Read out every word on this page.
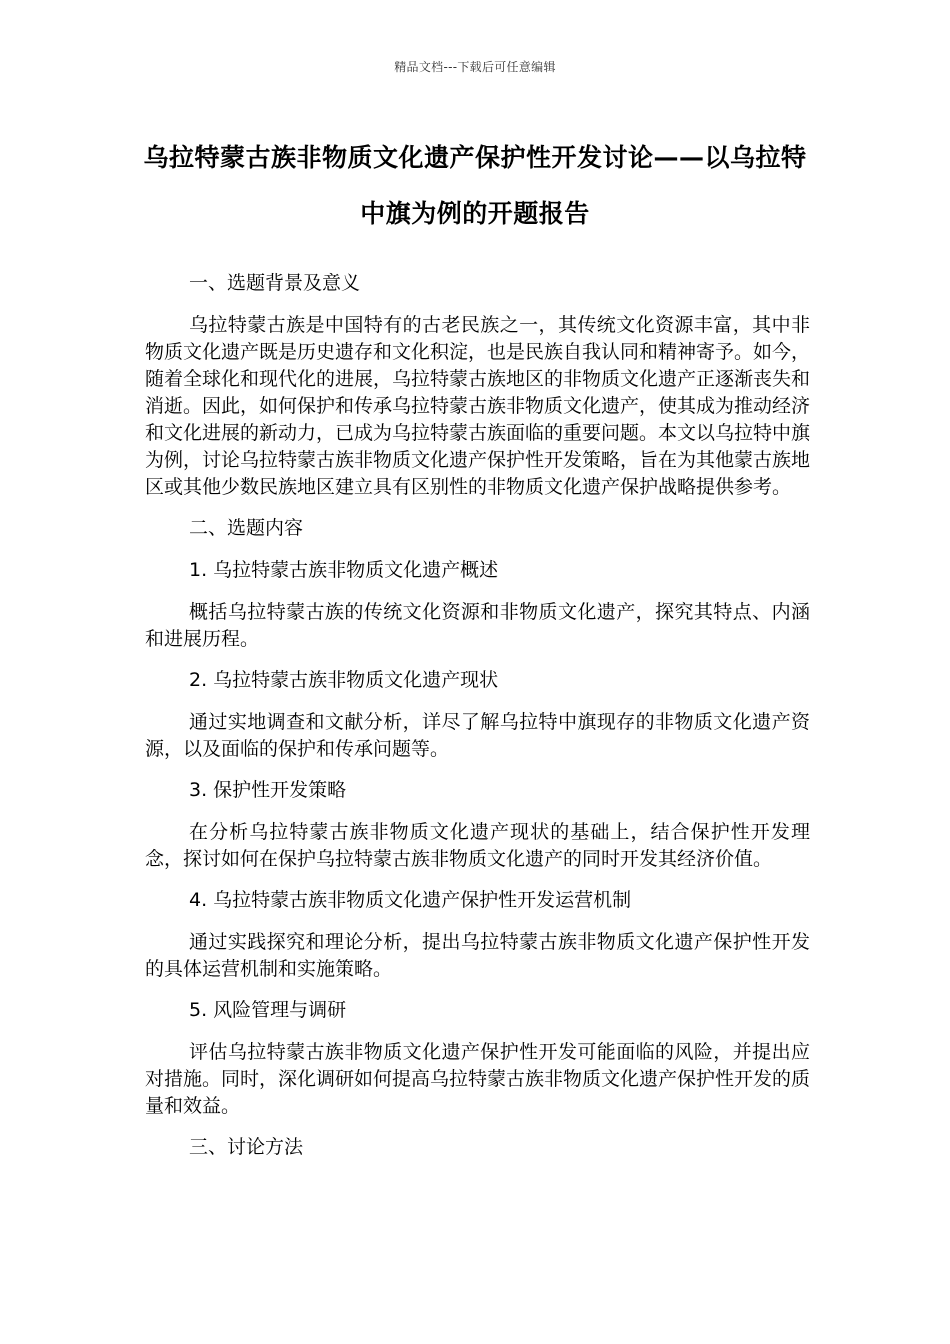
精品文档---下载后可任意编辑
乌拉特蒙古族非物质文化遗产保护性开发讨论——以乌拉特中旗为例的开题报告

一、选题背景及意义

乌拉特蒙古族是中国特有的古老民族之一，其传统文化资源丰富，其中非物质文化遗产既是历史遗存和文化积淀，也是民族自我认同和精神寄予。如今，随着全球化和现代化的进展，乌拉特蒙古族地区的非物质文化遗产正逐渐丧失和消逝。因此，如何保护和传承乌拉特蒙古族非物质文化遗产，使其成为推动经济和文化进展的新动力，已成为乌拉特蒙古族面临的重要问题。本文以乌拉特中旗为例，讨论乌拉特蒙古族非物质文化遗产保护性开发策略，旨在为其他蒙古族地区或其他少数民族地区建立具有区别性的非物质文化遗产保护战略提供参考。

二、选题内容

1. 乌拉特蒙古族非物质文化遗产概述

概括乌拉特蒙古族的传统文化资源和非物质文化遗产，探究其特点、内涵和进展历程。

2. 乌拉特蒙古族非物质文化遗产现状

通过实地调查和文献分析，详尽了解乌拉特中旗现存的非物质文化遗产资源，以及面临的保护和传承问题等。

3. 保护性开发策略

在分析乌拉特蒙古族非物质文化遗产现状的基础上，结合保护性开发理念，探讨如何在保护乌拉特蒙古族非物质文化遗产的同时开发其经济价值。

4. 乌拉特蒙古族非物质文化遗产保护性开发运营机制

通过实践探究和理论分析，提出乌拉特蒙古族非物质文化遗产保护性开发的具体运营机制和实施策略。

5. 风险管理与调研

评估乌拉特蒙古族非物质文化遗产保护性开发可能面临的风险，并提出应对措施。同时，深化调研如何提高乌拉特蒙古族非物质文化遗产保护性开发的质量和效益。

三、讨论方法
